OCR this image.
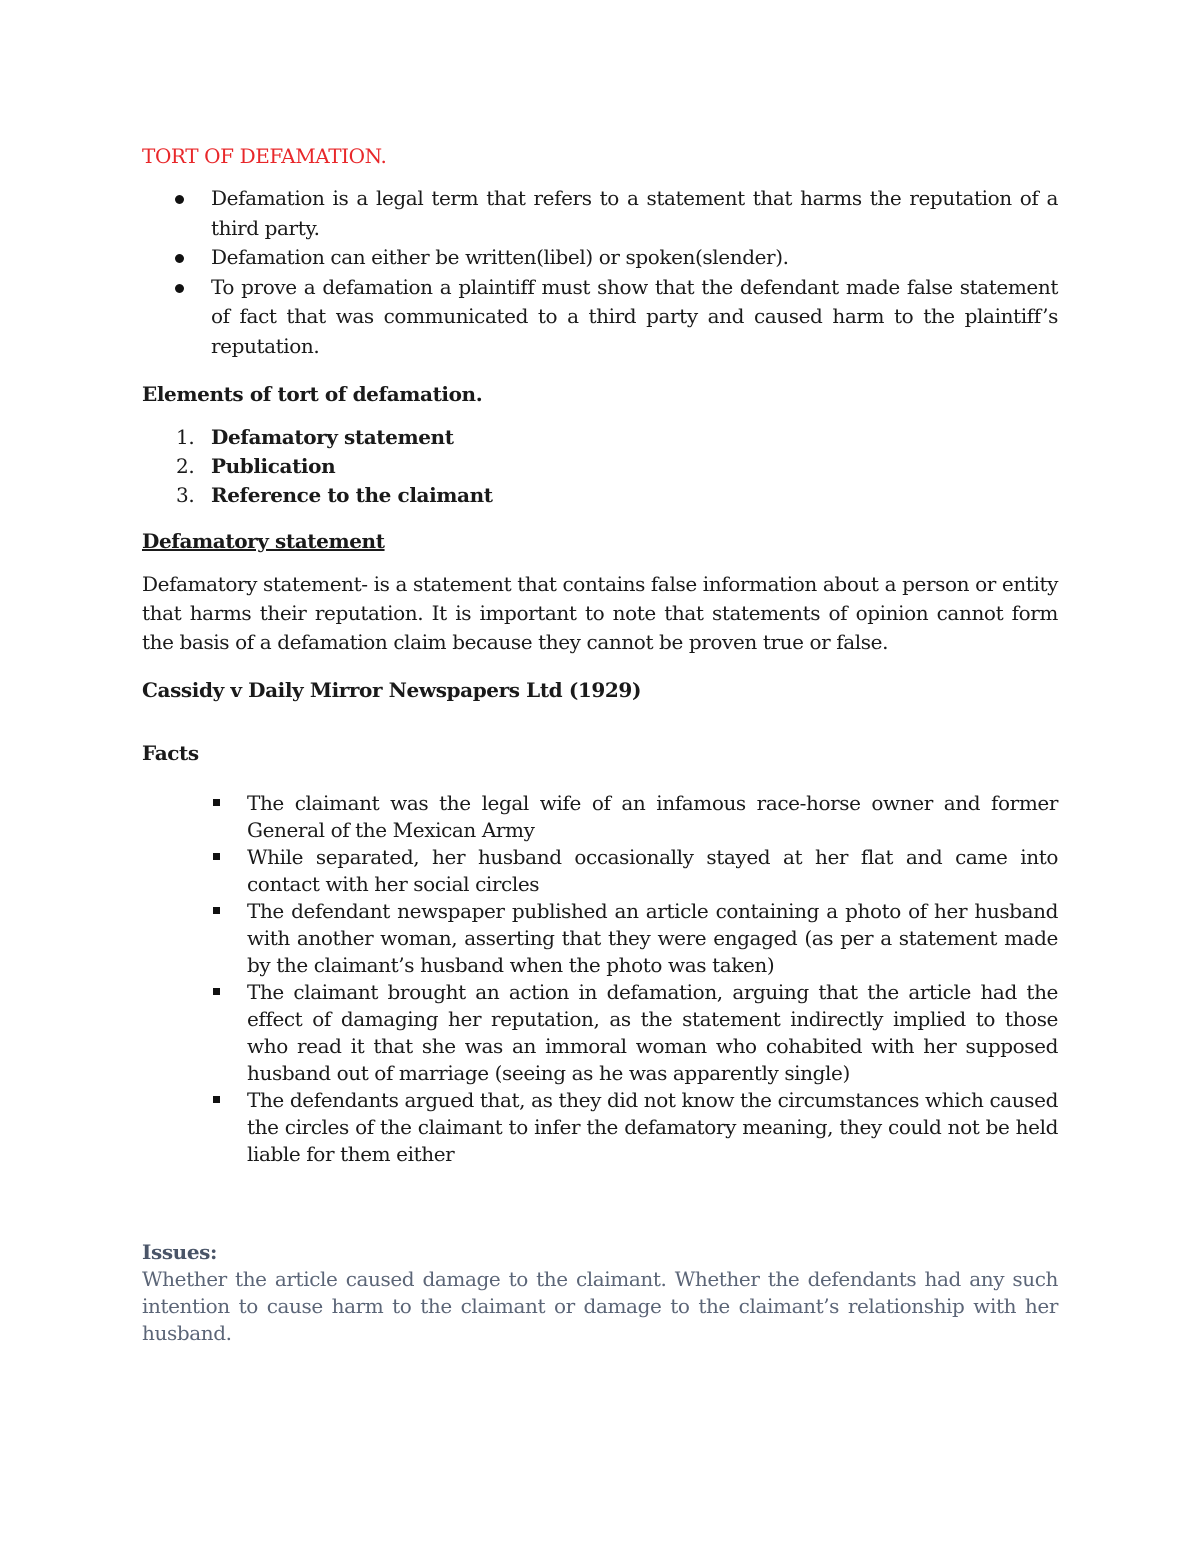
TORT OF DEFAMATION.
Defamation is a legal term that refers to a statement that harms the reputation of a third party.
Defamation can either be written(libel) or spoken(slender).
To prove a defamation a plaintiff must show that the defendant made false statement of fact that was communicated to a third party and caused harm to the plaintiff’s reputation.
Elements of tort of defamation.
1. Defamatory statement
2. Publication
3. Reference to the claimant
Defamatory statement

Defamatory statement- is a statement that contains false information about a person or entity that harms their reputation. It is important to note that statements of opinion cannot form the basis of a defamation claim because they cannot be proven true or false.

Cassidy v Daily Mirror Newspapers Ltd (1929)
Facts
The claimant was the legal wife of an infamous race-horse owner and former General of the Mexican Army
While separated, her husband occasionally stayed at her flat and came into contact with her social circles
The defendant newspaper published an article containing a photo of her husband with another woman, asserting that they were engaged (as per a statement made by the claimant’s husband when the photo was taken)
The claimant brought an action in defamation, arguing that the article had the effect of damaging her reputation, as the statement indirectly implied to those who read it that she was an immoral woman who cohabited with her supposed husband out of marriage (seeing as he was apparently single)
The defendants argued that, as they did not know the circumstances which caused the circles of the claimant to infer the defamatory meaning, they could not be held liable for them either
Issues:

Whether the article caused damage to the claimant. Whether the defendants had any such intention to cause harm to the claimant or damage to the claimant’s relationship with her husband.
